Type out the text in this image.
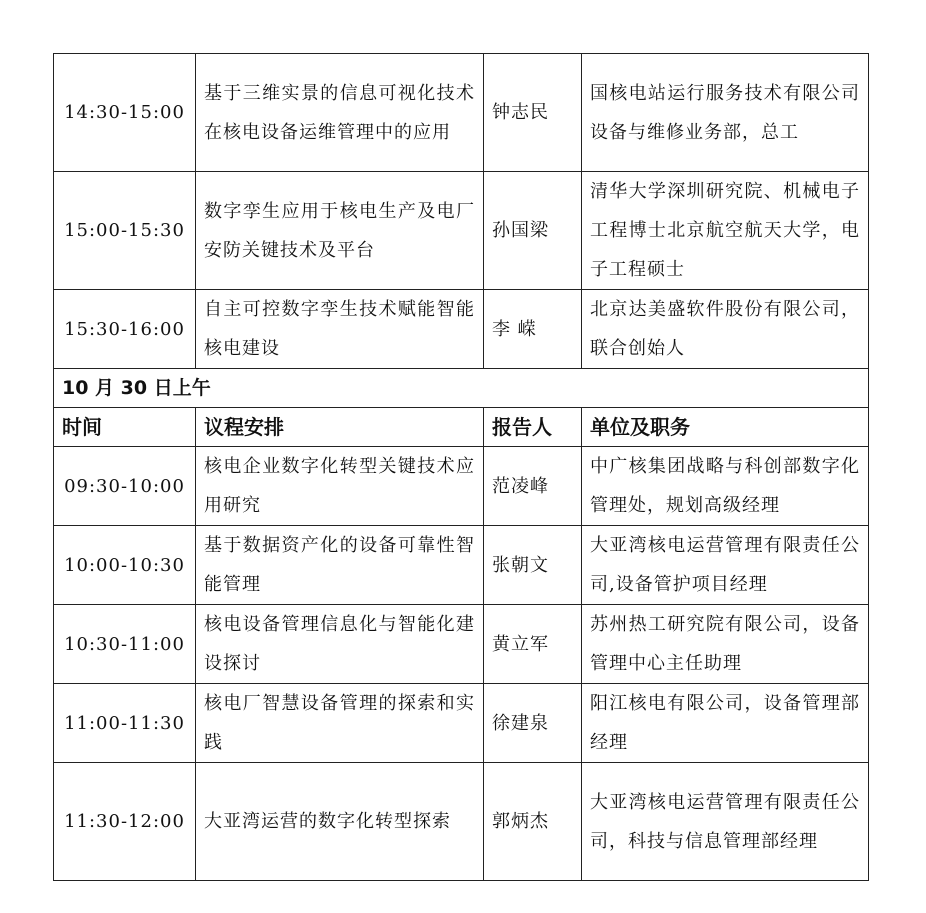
14:30-15:00	基于三维实景的信息可视化技术在核电设备运维管理中的应用	钟志民	国核电站运行服务技术有限公司设备与维修业务部，总工
15:00-15:30	数字孪生应用于核电生产及电厂安防关键技术及平台	孙国梁	清华大学深圳研究院、机械电子工程博士北京航空航天大学，电子工程硕士
15:30-16:00	自主可控数字孪生技术赋能智能核电建设	李 嵘	北京达美盛软件股份有限公司，联合创始人
10 月 30 日上午			
时间	议程安排	报告人	单位及职务
09:30-10:00	核电企业数字化转型关键技术应用研究	范凌峰	中广核集团战略与科创部数字化管理处，规划高级经理
10:00-10:30	基于数据资产化的设备可靠性智能管理	张朝文	大亚湾核电运营管理有限责任公司,设备管护项目经理
10:30-11:00	核电设备管理信息化与智能化建设探讨	黄立军	苏州热工研究院有限公司，设备管理中心主任助理
11:00-11:30	核电厂智慧设备管理的探索和实践	徐建泉	阳江核电有限公司，设备管理部经理
11:30-12:00	大亚湾运营的数字化转型探索	郭炳杰	大亚湾核电运营管理有限责任公司，科技与信息管理部经理
